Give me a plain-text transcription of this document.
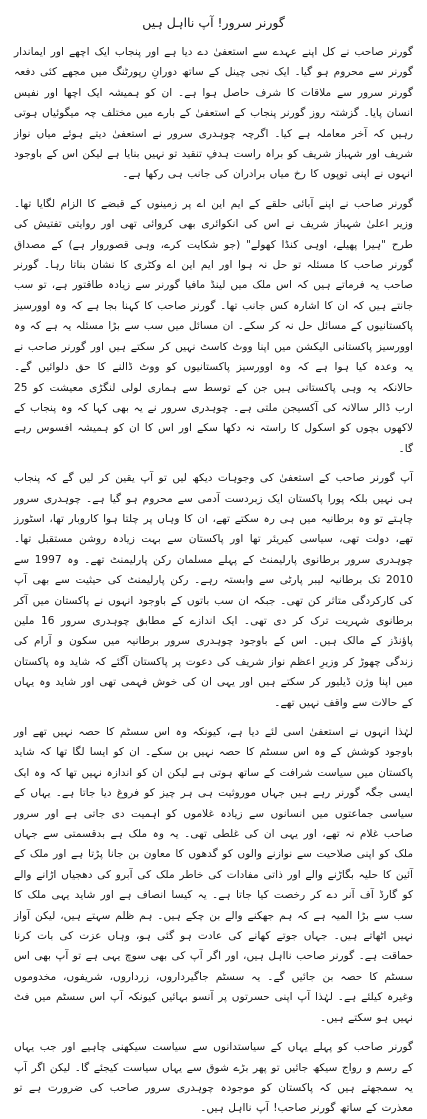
گورنر سرور! آپ نااہل ہیں

گورنر صاحب نے کل اپنے عہدے سے استعفیٰ دے دیا ہے اور پنجاب ایک اچھے اور ایماندار گورنر سے محروم ہو گیا۔ ایک نجی چینل کے ساتھ دورانِ رپورٹنگ میں مجھے کئی دفعہ گورنر سرور سے ملاقات کا شرف حاصل ہوا ہے۔ ان کو ہمیشہ ایک اچھا اور نفیس انسان پایا۔ گزشتہ روز گورنر پنجاب کے استعفیٰ کے بارے میں مختلف چہ میگوئیاں ہوتی رہیں کہ آخر معاملہ ہے کیا۔ اگرچہ چوہدری سرور نے استعفیٰ دیتے ہوئے میاں نواز شریف اور شہباز شریف کو براہ راست ہدفِ تنقید تو نہیں بنایا ہے لیکن اس کے باوجود انہوں نے اپنی توپوں کا رخ میاں برادران کی جانب ہی رکھا ہے۔

گورنر صاحب نے اپنے آبائی حلقے کے ایم این اے پر زمینوں کے قبضے کا الزام لگایا تھا۔ وزیر اعلیٰ شہباز شریف نے اس کی انکوائری بھی کروائی تھی اور روایتی تفتیش کی طرح "ہیرا پھیلے، اوہی کنڈا کھولے" (جو شکایت کرے، وہی قصوروار ہے) کے مصداق گورنر صاحب کا مسئلہ تو حل نہ ہوا اور ایم این اے وکٹری کا نشان بناتا رہا۔ گورنر صاحب یہ فرماتے ہیں کہ اس ملک میں لینڈ مافیا گورنر سے زیادہ طاقتور ہے، تو سب جانتے ہیں کہ ان کا اشارہ کس جانب تھا۔ گورنر صاحب کا کہنا بجا ہے کہ وہ اوورسیز پاکستانیوں کے مسائل حل نہ کر سکے۔ ان مسائل میں سب سے بڑا مسئلہ یہ ہے کہ وہ اوورسیز پاکستانی الیکشن میں اپنا ووٹ کاسٹ نہیں کر سکتے ہیں اور گورنر صاحب نے یہ وعدہ کیا ہوا ہے کہ وہ اوورسیز پاکستانیوں کو ووٹ ڈالنے کا حق دلوائیں گے۔ حالانکہ یہ وہی پاکستانی ہیں جن کے توسط سے ہماری لولی لنگڑی معیشت کو 25 ارب ڈالر سالانہ کی آکسیجن ملتی ہے۔ چوہدری سرور نے یہ بھی کہا کہ وہ پنجاب کے لاکھوں بچوں کو اسکول کا راستہ نہ دکھا سکے اور اس کا ان کو ہمیشہ افسوس رہے گا۔

آپ گورنر صاحب کے استعفیٰ کی وجوہات دیکھ لیں تو آپ یقین کر لیں گے کہ پنجاب ہی نہیں بلکہ پورا پاکستان ایک زبردست آدمی سے محروم ہو گیا ہے۔ چوہدری سرور چاہتے تو وہ برطانیہ میں ہی رہ سکتے تھے، ان کا وہاں پر چلتا ہوا کاروبار تھا، اسٹورز تھے، دولت تھی، سیاسی کیریئر تھا اور پاکستان سے بہت زیادہ روشن مستقبل تھا۔ چوہدری سرور برطانوی پارلیمنٹ کے پہلے مسلمان رکن پارلیمنٹ تھے۔ وہ 1997 سے 2010 تک برطانیہ لیبر پارٹی سے وابستہ رہے۔ رکن پارلیمنٹ کی حیثیت سے بھی آپ کی کارکردگی متاثر کن تھی۔ جبکہ ان سب باتوں کے باوجود انہوں نے پاکستان میں آکر برطانوی شہریت ترک کر دی تھی۔ ایک اندازے کے مطابق چوہدری سرور 16 ملین پاؤنڈز کے مالک ہیں۔ اس کے باوجود چوہدری سرور برطانیہ میں سکون و آرام کی زندگی چھوڑ کر وزیرِ اعظم نواز شریف کی دعوت پر پاکستان آگئے کہ شاید وہ پاکستان میں اپنا وژن ڈیلیور کر سکتے ہیں اور یہی ان کی خوش فہمی تھی اور شاید وہ یہاں کے حالات سے واقف نہیں تھے۔

لہٰذا انہوں نے استعفیٰ اسی لئے دیا ہے، کیونکہ وہ اس سسٹم کا حصہ نہیں تھے اور باوجود کوشش کے وہ اس سسٹم کا حصہ نہیں بن سکے۔ ان کو ایسا لگا تھا کہ شاید پاکستان میں سیاست شرافت کے ساتھ ہوتی ہے لیکن ان کو اندازہ نہیں تھا کہ وہ ایک ایسی جگہ گورنر رہے ہیں جہاں موروثیت ہی ہر چیز کو فروغ دیا جاتا ہے۔ یہاں کے سیاسی جماعتوں میں انسانوں سے زیادہ غلاموں کو اہمیت دی جاتی ہے اور سرور صاحب غلام نہ تھے، اور یہی ان کی غلطی تھی۔ یہ وہ ملک ہے بدقسمتی سے جہاں ملک کو اپنی صلاحیت سے نوازنے والوں کو گدھوں کا معاون بن جانا پڑتا ہے اور ملک کے آئین کا حلیہ بگاڑنے والے اور ذاتی مفادات کی خاطر ملک کی آبرو کی دھجیاں اڑانے والے کو گارڈ آف آنر دے کر رخصت کیا جاتا ہے۔ یہ کیسا انصاف ہے اور شاید یہی ملک کا سب سے بڑا المیہ ہے کہ ہم جھکنے والے بن چکے ہیں۔ ہم ظلم سہتے ہیں، لیکن آواز نہیں اٹھاتے ہیں۔ جہاں جوتے کھانے کی عادت ہو گئی ہو، وہاں عزت کی بات کرنا حماقت ہے۔ گورنر صاحب نااہل ہیں، اور اگر آپ کی بھی سوچ یہی ہے تو آپ بھی اس سسٹم کا حصہ بن جائیں گے۔ یہ سسٹم جاگیرداروں، زرداروں، شریفوں، مخدوموں وغیرہ کیلئے ہے۔ لہٰذا آپ اپنی حسرتوں پر آنسو بہائیں کیونکہ آپ اس سسٹم میں فٹ نہیں ہو سکتے ہیں۔

گورنر صاحب کو پہلے یہاں کے سیاستدانوں سے سیاست سیکھنی چاہیے اور جب یہاں کے رسم و رواج سیکھ جائیں تو پھر بڑے شوق سے یہاں سیاست کیجئے گا۔ لیکن اگر آپ یہ سمجھتے ہیں کہ پاکستان کو موجودہ چوہدری سرور صاحب کی ضرورت ہے تو معذرت کے ساتھ گورنر صاحب! آپ نااہل ہیں۔
